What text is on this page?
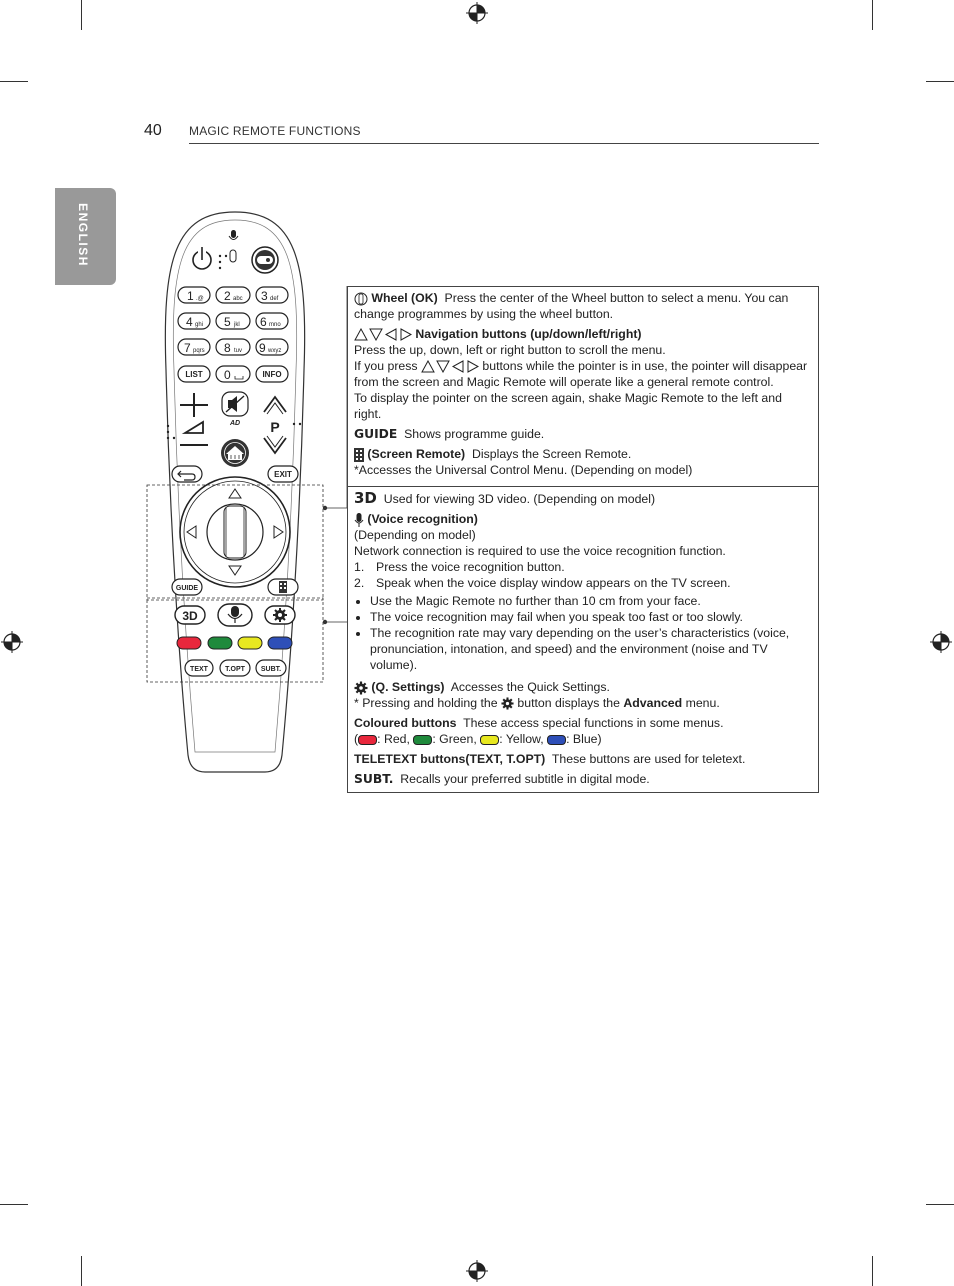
40 MAGIC REMOTE FUNCTIONS
ENGLISH
1 .@ 2 abc 3 def
4 ghi 5 jkl 6 mno
7 pqrs 8 tuv 9 wxyz
LIST 0	INFO
AD P
EXIT
GUIDE
3D
TEXT T.OPT SUBT.
Wheel (OK) Press the center of the Wheel button to select a menu. You can change programmes by using the wheel button.
Navigation buttons (up/down/left/right)
Press the up, down, left or right button to scroll the menu.
If you press	buttons while the pointer is in use, the pointer will disappear from the screen and Magic Remote will operate like a general remote control.
To display the pointer on the screen again, shake Magic Remote to the left and right.
GUIDE Shows programme guide.
(Screen Remote) Displays the Screen Remote.
*Accesses the Universal Control Menu. (Depending on model)
3D Used for viewing 3D video. (Depending on model)
(Voice recognition)
(Depending on model)
Network connection is required to use the voice recognition function.
1. Press the voice recognition button.
2. Speak when the voice display window appears on the TV screen.
• Use the Magic Remote no further than 10 cm from your face.
• The voice recognition may fail when you speak too fast or too slowly.
• The recognition rate may vary depending on the user’s characteristics (voice, pronunciation, intonation, and speed) and the environment (noise and TV volume).
(Q. Settings) Accesses the Quick Settings.
* Pressing and holding the button displays the Advanced menu.
Coloured buttons These access special functions in some menus.
( : Red, : Green, : Yellow, : Blue)
TELETEXT buttons(TEXT, T.OPT) These buttons are used for teletext.
SUBT. Recalls your preferred subtitle in digital mode.
